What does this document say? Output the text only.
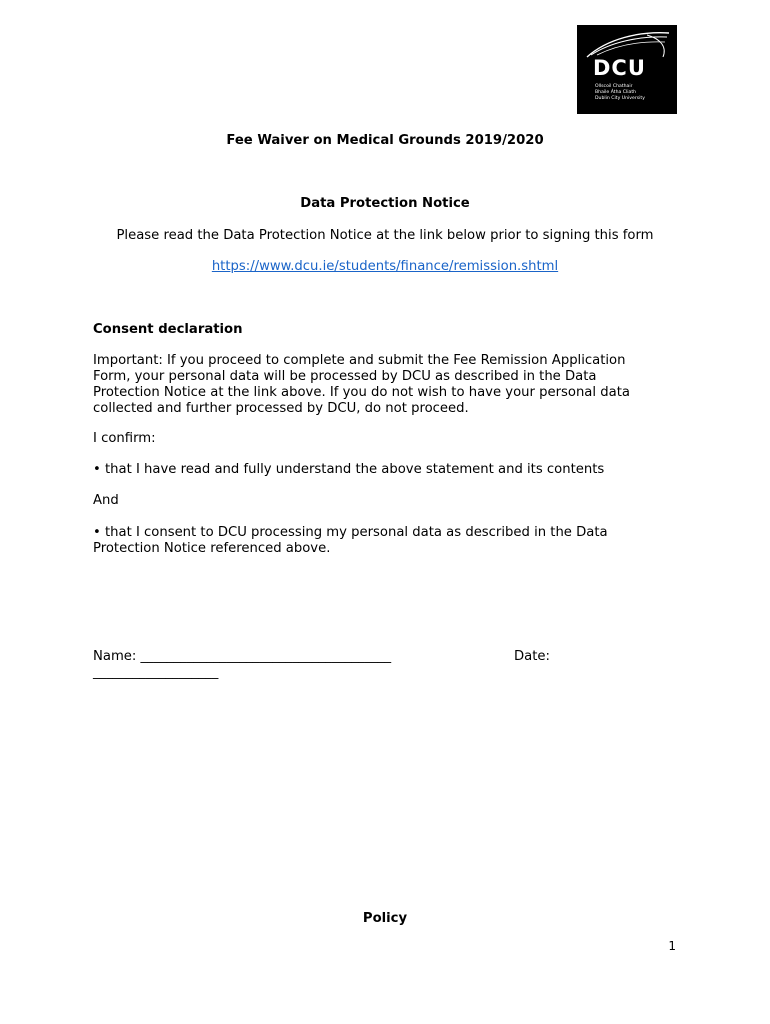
DCU
Ollscoil Chathair
Bhaile Átha Cliath
Dublin City University
Fee Waiver on Medical Grounds 2019/2020
Data Protection Notice
Please read the Data Protection Notice at the link below prior to signing this form
https://www.dcu.ie/students/finance/remission.shtml
Consent declaration
Important: If you proceed to complete and submit the Fee Remission Application
Form, your personal data will be processed by DCU as described in the Data
Protection Notice at the link above. If you do not wish to have your personal data
collected and further processed by DCU, do not proceed.
I confirm:
• that I have read and fully understand the above statement and its contents
And
• that I consent to DCU processing my personal data as described in the Data
Protection Notice referenced above.
Name: ______________________________________	Date:
___________________
Policy
1
